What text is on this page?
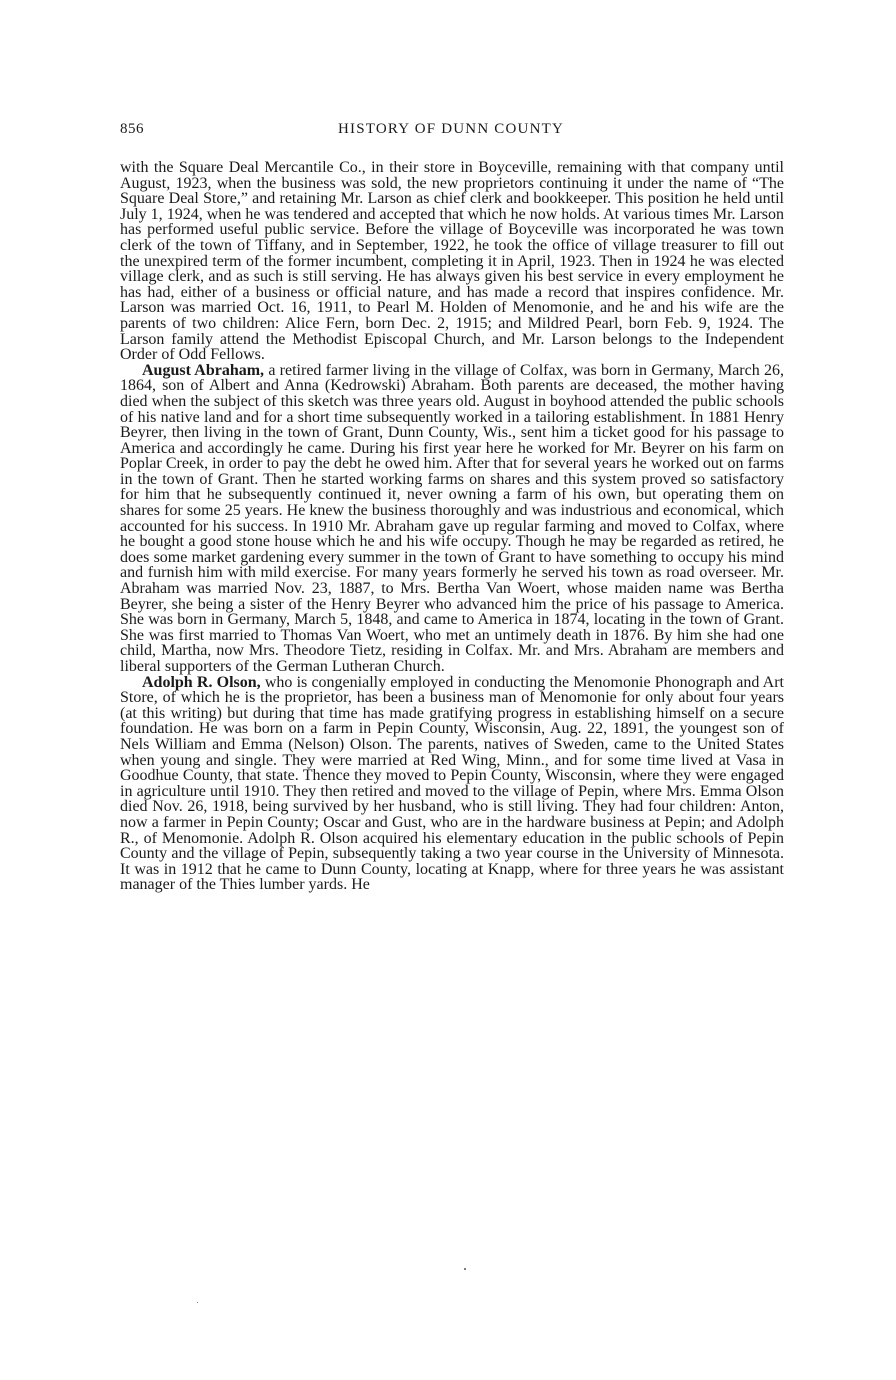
856	HISTORY OF DUNN COUNTY

with the Square Deal Mercantile Co., in their store in Boyceville, remaining with that company until August, 1923, when the business was sold, the new proprietors continuing it under the name of “The Square Deal Store,” and retaining Mr. Larson as chief clerk and bookkeeper. This position he held until July 1, 1924, when he was tendered and accepted that which he now holds. At various times Mr. Larson has performed useful public service. Before the village of Boyceville was incorporated he was town clerk of the town of Tiffany, and in September, 1922, he took the office of village treasurer to fill out the unexpired term of the former incumbent, completing it in April, 1923. Then in 1924 he was elected village clerk, and as such is still serving. He has always given his best service in every employment he has had, either of a business or official nature, and has made a record that inspires confidence. Mr. Larson was married Oct. 16, 1911, to Pearl M. Holden of Menomonie, and he and his wife are the parents of two children: Alice Fern, born Dec. 2, 1915; and Mildred Pearl, born Feb. 9, 1924. The Larson family attend the Methodist Episcopal Church, and Mr. Larson belongs to the Independent Order of Odd Fellows.

August Abraham, a retired farmer living in the village of Colfax, was born in Germany, March 26, 1864, son of Albert and Anna (Kedrowski) Abraham. Both parents are deceased, the mother having died when the subject of this sketch was three years old. August in boyhood attended the public schools of his native land and for a short time subsequently worked in a tailoring establishment. In 1881 Henry Beyrer, then living in the town of Grant, Dunn County, Wis., sent him a ticket good for his passage to America and accordingly he came. During his first year here he worked for Mr. Beyrer on his farm on Poplar Creek, in order to pay the debt he owed him. After that for several years he worked out on farms in the town of Grant. Then he started working farms on shares and this system proved so satisfactory for him that he subsequently continued it, never owning a farm of his own, but operating them on shares for some 25 years. He knew the business thoroughly and was industrious and economical, which accounted for his success. In 1910 Mr. Abraham gave up regular farming and moved to Colfax, where he bought a good stone house which he and his wife occupy. Though he may be regarded as retired, he does some market gardening every summer in the town of Grant to have something to occupy his mind and furnish him with mild exercise. For many years formerly he served his town as road overseer. Mr. Abraham was married Nov. 23, 1887, to Mrs. Bertha Van Woert, whose maiden name was Bertha Beyrer, she being a sister of the Henry Beyrer who advanced him the price of his passage to America. She was born in Germany, March 5, 1848, and came to America in 1874, locating in the town of Grant. She was first married to Thomas Van Woert, who met an untimely death in 1876. By him she had one child, Martha, now Mrs. Theodore Tietz, residing in Colfax. Mr. and Mrs. Abraham are members and liberal supporters of the German Lutheran Church.

Adolph R. Olson, who is congenially employed in conducting the Menomonie Phonograph and Art Store, of which he is the proprietor, has been a business man of Menomonie for only about four years (at this writing) but during that time has made gratifying progress in establishing himself on a secure foundation. He was born on a farm in Pepin County, Wisconsin, Aug. 22, 1891, the youngest son of Nels William and Emma (Nelson) Olson. The parents, natives of Sweden, came to the United States when young and single. They were married at Red Wing, Minn., and for some time lived at Vasa in Goodhue County, that state. Thence they moved to Pepin County, Wisconsin, where they were engaged in agriculture until 1910. They then retired and moved to the village of Pepin, where Mrs. Emma Olson died Nov. 26, 1918, being survived by her husband, who is still living. They had four children: Anton, now a farmer in Pepin County; Oscar and Gust, who are in the hardware business at Pepin; and Adolph R., of Menomonie. Adolph R. Olson acquired his elementary education in the public schools of Pepin County and the village of Pepin, subsequently taking a two year course in the University of Minnesota. It was in 1912 that he came to Dunn County, locating at Knapp, where for three years he was assistant manager of the Thies lumber yards. He
